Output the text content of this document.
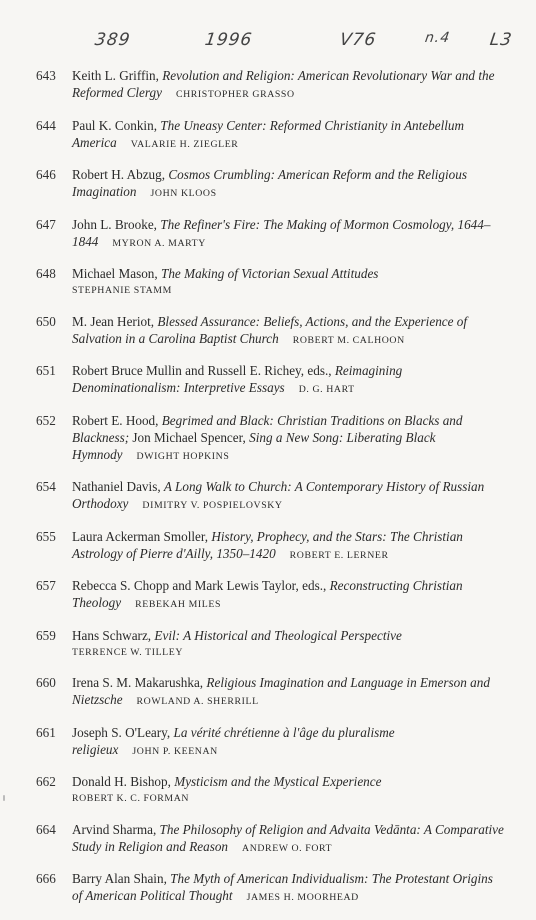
389	1996	V76	n.4 L3
643	Keith L. Griffin, Revolution and Religion: American Revolutionary War and the Reformed Clergy CHRISTOPHER GRASSO
644	Paul K. Conkin, The Uneasy Center: Reformed Christianity in Antebellum America VALARIE H. ZIEGLER
646	Robert H. Abzug, Cosmos Crumbling: American Reform and the Religious Imagination JOHN KLOOS
647	John L. Brooke, The Refiner's Fire: The Making of Mormon Cosmology, 1644–1844 MYRON A. MARTY
648	Michael Mason, The Making of Victorian Sexual Attitudes
STEPHANIE STAMM
650	M. Jean Heriot, Blessed Assurance: Beliefs, Actions, and the Experience of Salvation in a Carolina Baptist Church ROBERT M. CALHOON
651	Robert Bruce Mullin and Russell E. Richey, eds., Reimagining Denominationalism: Interpretive Essays D. G. HART
652	Robert E. Hood, Begrimed and Black: Christian Traditions on Blacks and Blackness; Jon Michael Spencer, Sing a New Song: Liberating Black Hymnody DWIGHT HOPKINS
654	Nathaniel Davis, A Long Walk to Church: A Contemporary History of Russian Orthodoxy DIMITRY V. POSPIELOVSKY
655	Laura Ackerman Smoller, History, Prophecy, and the Stars: The Christian Astrology of Pierre d'Ailly, 1350–1420 ROBERT E. LERNER
657	Rebecca S. Chopp and Mark Lewis Taylor, eds., Reconstructing Christian Theology REBEKAH MILES
659	Hans Schwarz, Evil: A Historical and Theological Perspective
TERRENCE W. TILLEY
660	Irena S. M. Makarushka, Religious Imagination and Language in Emerson and Nietzsche ROWLAND A. SHERRILL
661	Joseph S. O'Leary, La vérité chrétienne à l'âge du pluralisme religieux JOHN P. KEENAN
662	Donald H. Bishop, Mysticism and the Mystical Experience
ROBERT K. C. FORMAN
664	Arvind Sharma, The Philosophy of Religion and Advaita Vedānta: A Comparative Study in Religion and Reason ANDREW O. FORT
666	Barry Alan Shain, The Myth of American Individualism: The Protestant Origins of American Political Thought JAMES H. MOORHEAD
